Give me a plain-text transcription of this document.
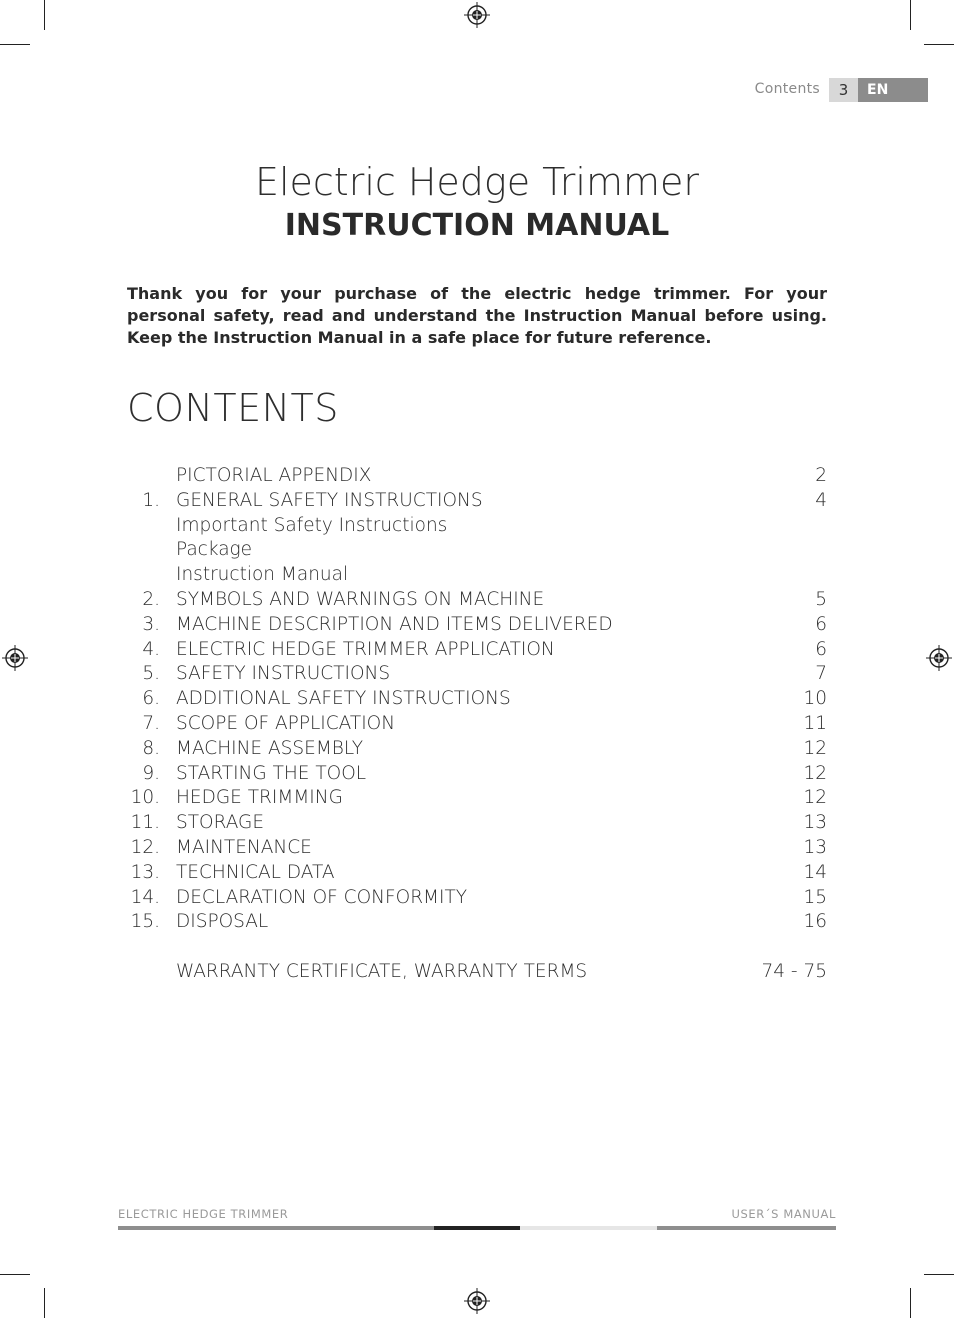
Contents	3	EN
Electric Hedge Trimmer
INSTRUCTION MANUAL
Thank you for your purchase of the electric hedge trimmer. For your personal safety, read and understand the Instruction Manual before using. Keep the Instruction Manual in a safe place for future reference.
CONTENTS
PICTORIAL APPENDIX	2
1. GENERAL SAFETY INSTRUCTIONS	4
Important Safety Instructions
Package
Instruction Manual
2. SYMBOLS AND WARNINGS ON MACHINE	5
3. MACHINE DESCRIPTION AND ITEMS DELIVERED	6
4. ELECTRIC HEDGE TRIMMER APPLICATION	6
5. SAFETY INSTRUCTIONS	7
6. ADDITIONAL SAFETY INSTRUCTIONS	10
7. SCOPE OF APPLICATION	11
8. MACHINE ASSEMBLY	12
9. STARTING THE TOOL	12
10. HEDGE TRIMMING	12
11. STORAGE	13
12. MAINTENANCE	13
13. TECHNICAL DATA	14
14. DECLARATION OF CONFORMITY	15
15. DISPOSAL	16
WARRANTY CERTIFICATE, WARRANTY TERMS	74 - 75
ELECTRIC HEDGE TRIMMER	USER´S MANUAL
